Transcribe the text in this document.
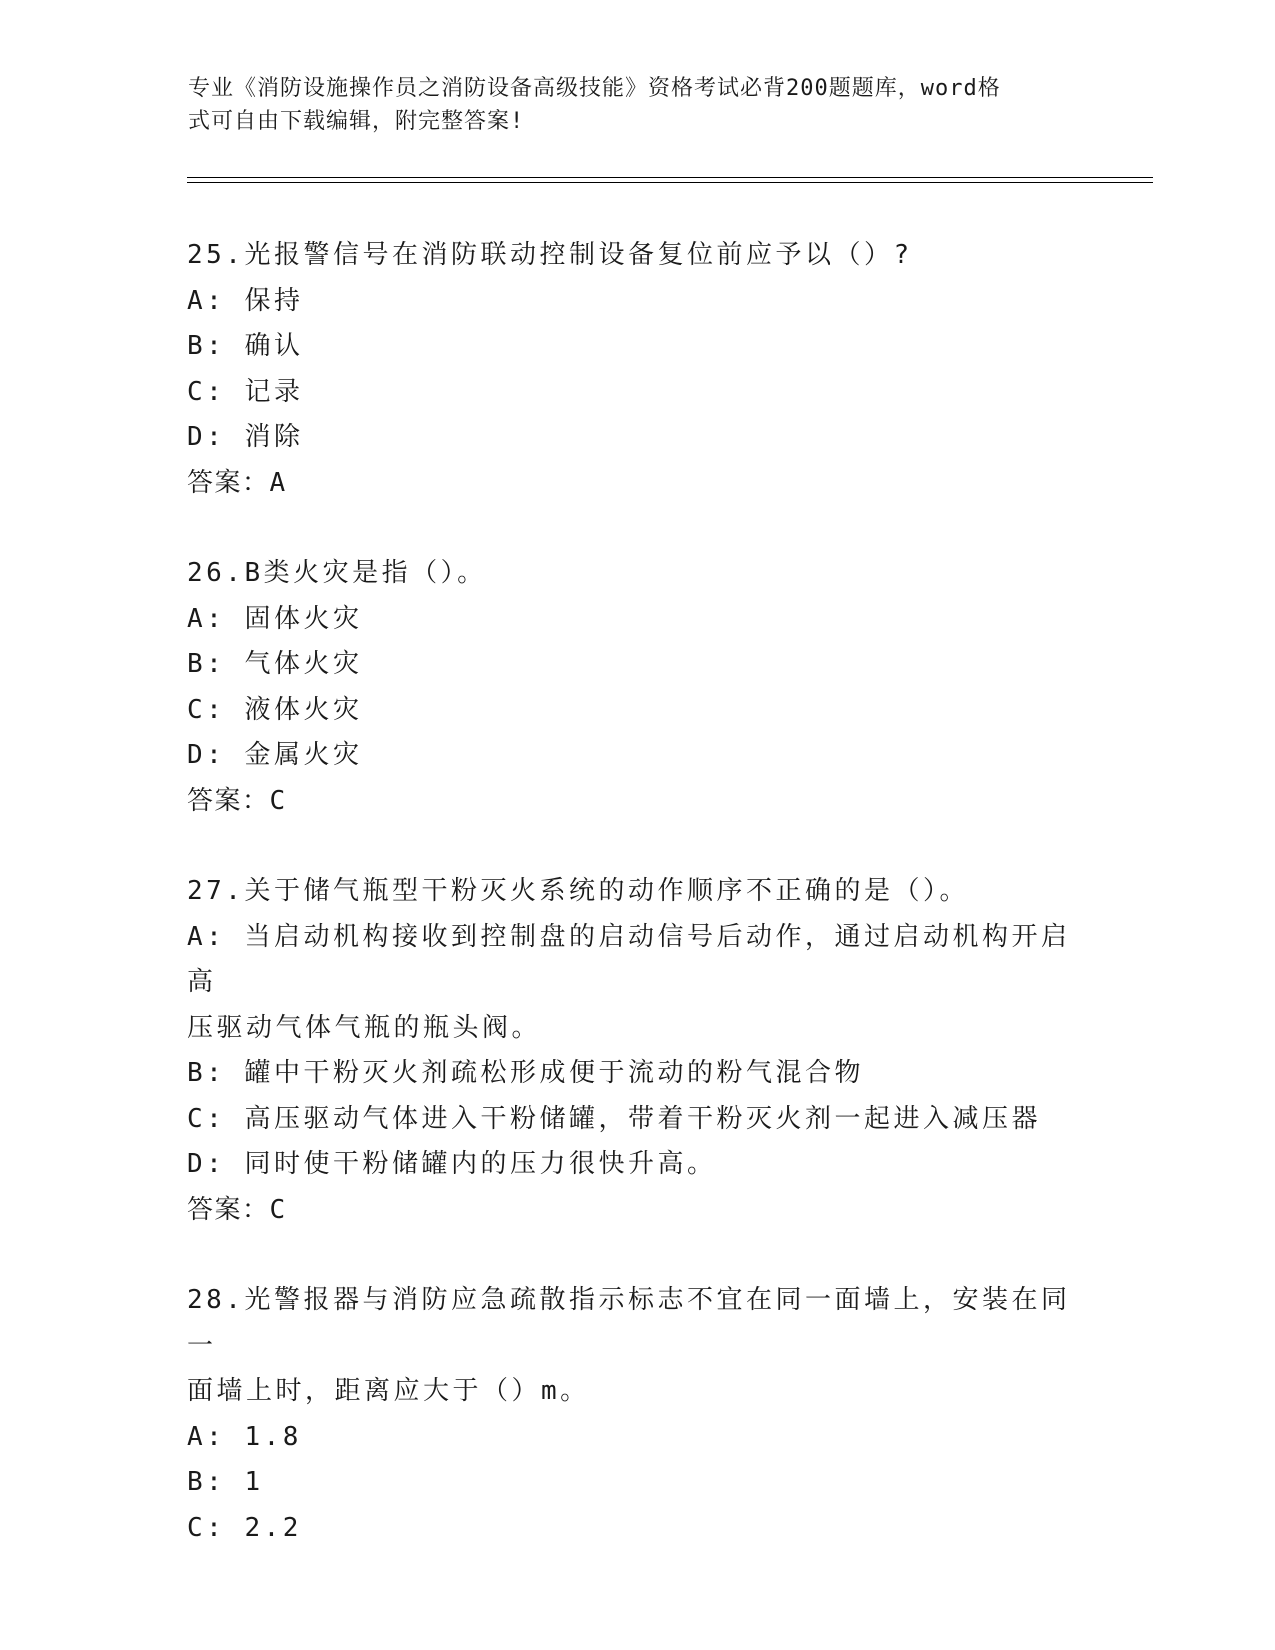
专业《消防设施操作员之消防设备高级技能》资格考试必背200题题库，word格
式可自由下载编辑，附完整答案!

25.光报警信号在消防联动控制设备复位前应予以（）?

A: 保持

B: 确认

C: 记录

D: 消除

答案：A

26.B类火灾是指（）。

A: 固体火灾

B: 气体火灾

C: 液体火灾

D: 金属火灾

答案：C

27.关于储气瓶型干粉灭火系统的动作顺序不正确的是（）。

A: 当启动机构接收到控制盘的启动信号后动作，通过启动机构开启高

压驱动气体气瓶的瓶头阀。

B: 罐中干粉灭火剂疏松形成便于流动的粉气混合物

C: 高压驱动气体进入干粉储罐，带着干粉灭火剂一起进入减压器

D: 同时使干粉储罐内的压力很快升高。

答案：C

28.光警报器与消防应急疏散指示标志不宜在同一面墙上，安装在同一

面墙上时，距离应大于（）m。

A: 1.8

B: 1

C: 2.2
